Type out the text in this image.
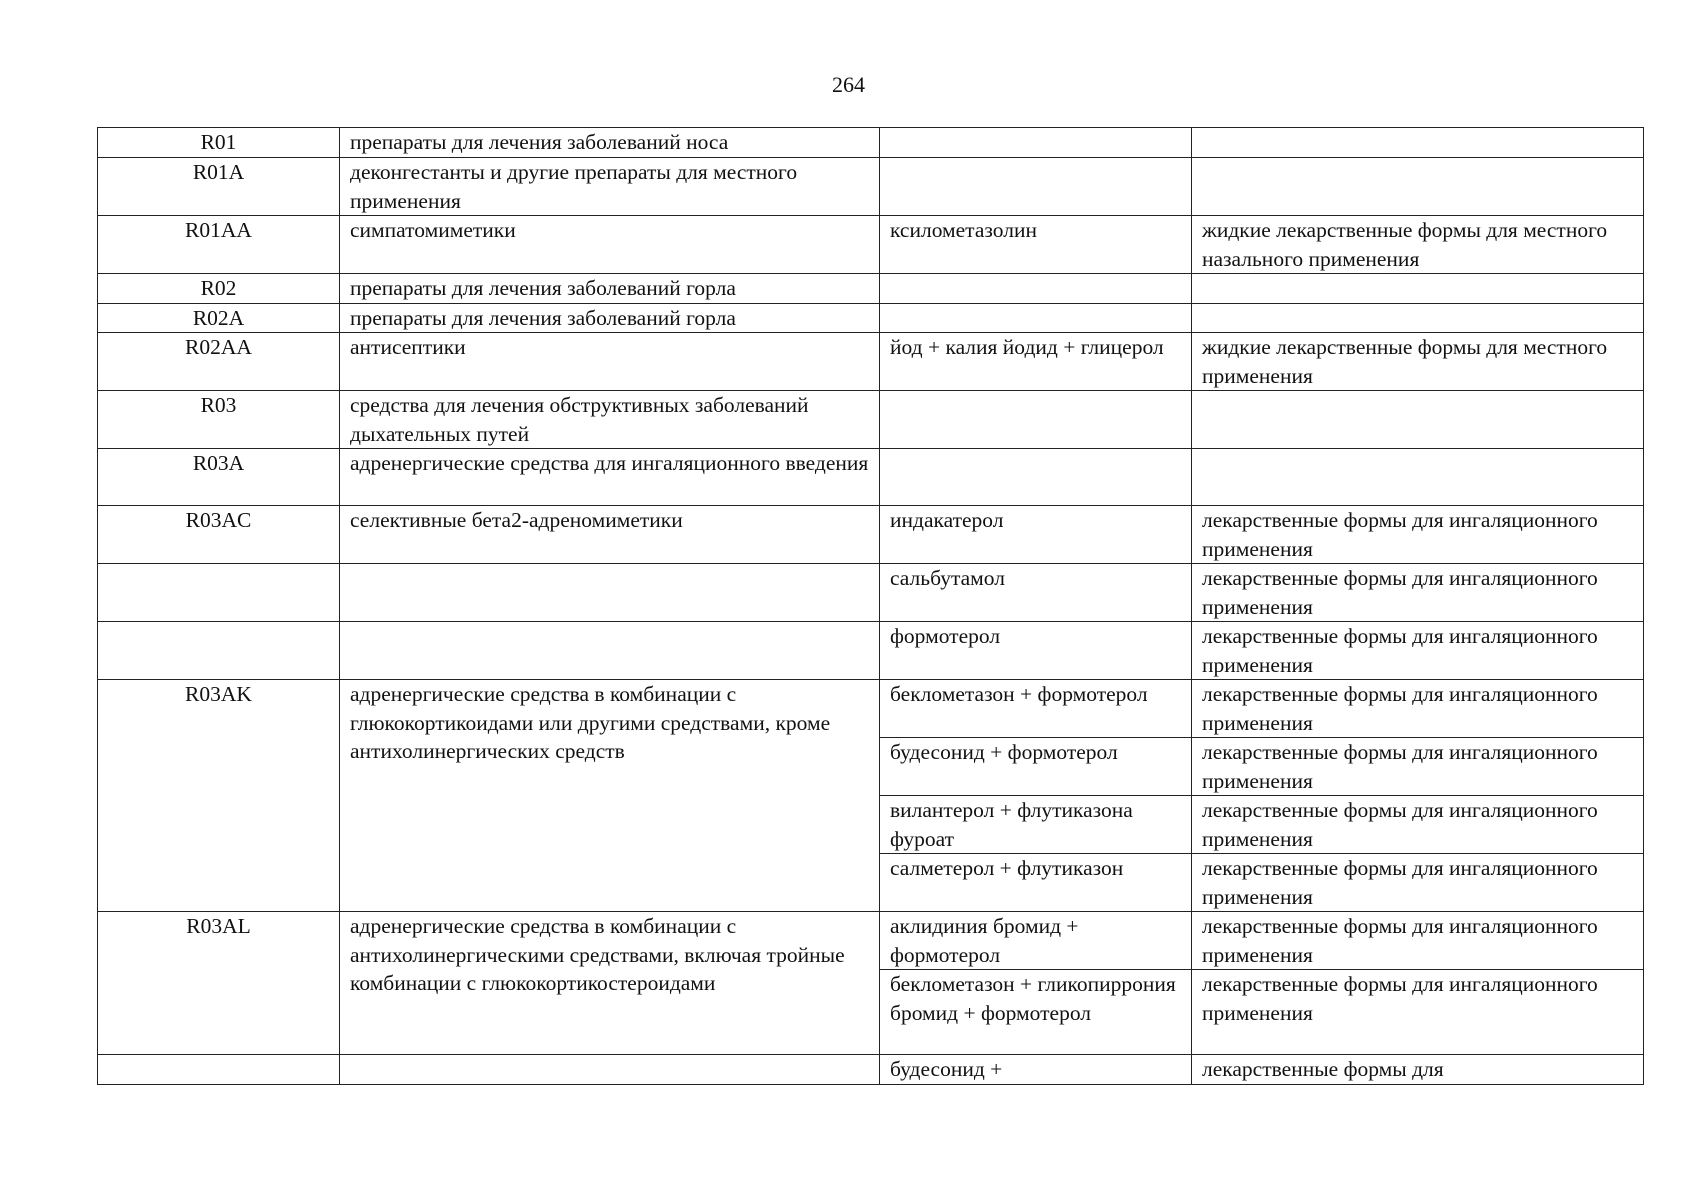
264
R01	препараты для лечения заболеваний носа		
R01A	деконгестанты и другие препараты для местного применения		
R01AA	симпатомиметики	ксилометазолин	жидкие лекарственные формы для местного назального применения
R02	препараты для лечения заболеваний горла		
R02A	препараты для лечения заболеваний горла		
R02AA	антисептики	йод + калия йодид + глицерол	жидкие лекарственные формы для местного применения
R03	средства для лечения обструктивных заболеваний дыхательных путей		
R03A	адренергические средства для ингаляционного введения		
R03AC	селективные бета2-адреномиметики	индакатерол	лекарственные формы для ингаляционного применения
		сальбутамол	лекарственные формы для ингаляционного применения
		формотерол	лекарственные формы для ингаляционного применения
R03AK	адренергические средства в комбинации с глюкокортикоидами или другими средствами, кроме антихолинергических средств	беклометазон + формотерол	лекарственные формы для ингаляционного применения
		будесонид + формотерол	лекарственные формы для ингаляционного применения
		вилантерол + флутиказона фуроат	лекарственные формы для ингаляционного применения
		салметерол + флутиказон	лекарственные формы для ингаляционного применения
R03AL	адренергические средства в комбинации с антихолинергическими средствами, включая тройные комбинации с глюкокортикостероидами	аклидиния бромид + формотерол	лекарственные формы для ингаляционного применения
		беклометазон + гликопиррония бромид + формотерол	лекарственные формы для ингаляционного применения
		будесонид +	лекарственные формы для
